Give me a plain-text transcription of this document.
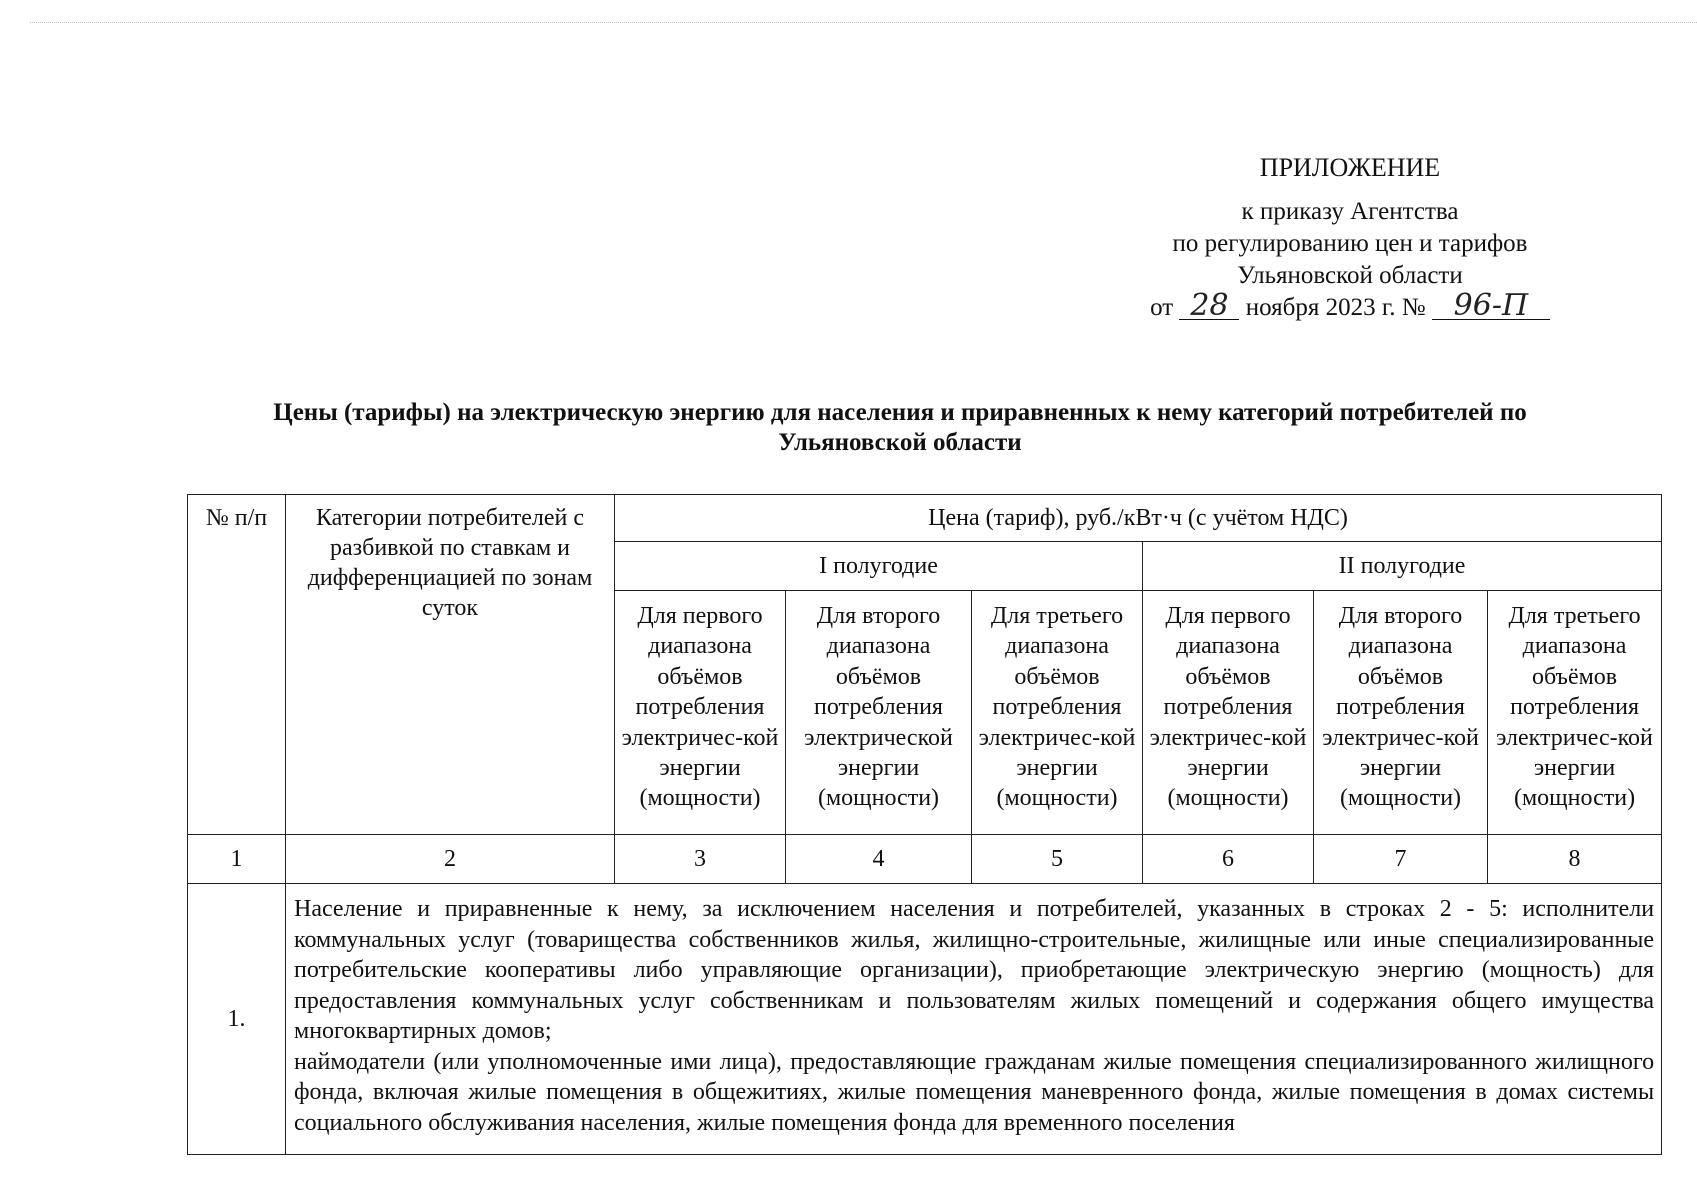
ПРИЛОЖЕНИЕ
к приказу Агентства
по регулированию цен и тарифов
Ульяновской области
от 28 ноября 2023 г. № 96-П
Цены (тарифы) на электрическую энергию для населения и приравненных к нему категорий потребителей по
Ульяновской области
№ п/п	Категории потребителей с разбивкой по ставкам и дифференциацией по зонам суток	Цена (тариф), руб./кВт·ч (с учётом НДС)					
		I полугодие			II полугодие		
		Для первого диапазона объёмов потребления электричес-кой энергии (мощности)	Для второго диапазона объёмов потребления электрической энергии (мощности)	Для третьего диапазона объёмов потребления электричес-кой энергии (мощности)	Для первого диапазона объёмов потребления электричес-кой энергии (мощности)	Для второго диапазона объёмов потребления электричес-кой энергии (мощности)	Для третьего диапазона объёмов потребления электричес-кой энергии (мощности)
1	2	3	4	5	6	7	8
1.	Население и приравненные к нему, за исключением населения и потребителей, указанных в строках 2 - 5: исполнители коммунальных услуг (товарищества собственников жилья, жилищно-строительные, жилищные или иные специализированные потребительские кооперативы либо управляющие организации), приобретающие электрическую энергию (мощность) для предоставления коммунальных услуг собственникам и пользователям жилых помещений и содержания общего имущества многоквартирных домов;

наймодатели (или уполномоченные ими лица), предоставляющие гражданам жилые помещения специализированного жилищного фонда, включая жилые помещения в общежитиях, жилые помещения маневренного фонда, жилые помещения в домах системы социального обслуживания населения, жилые помещения фонда для временного поселения						
